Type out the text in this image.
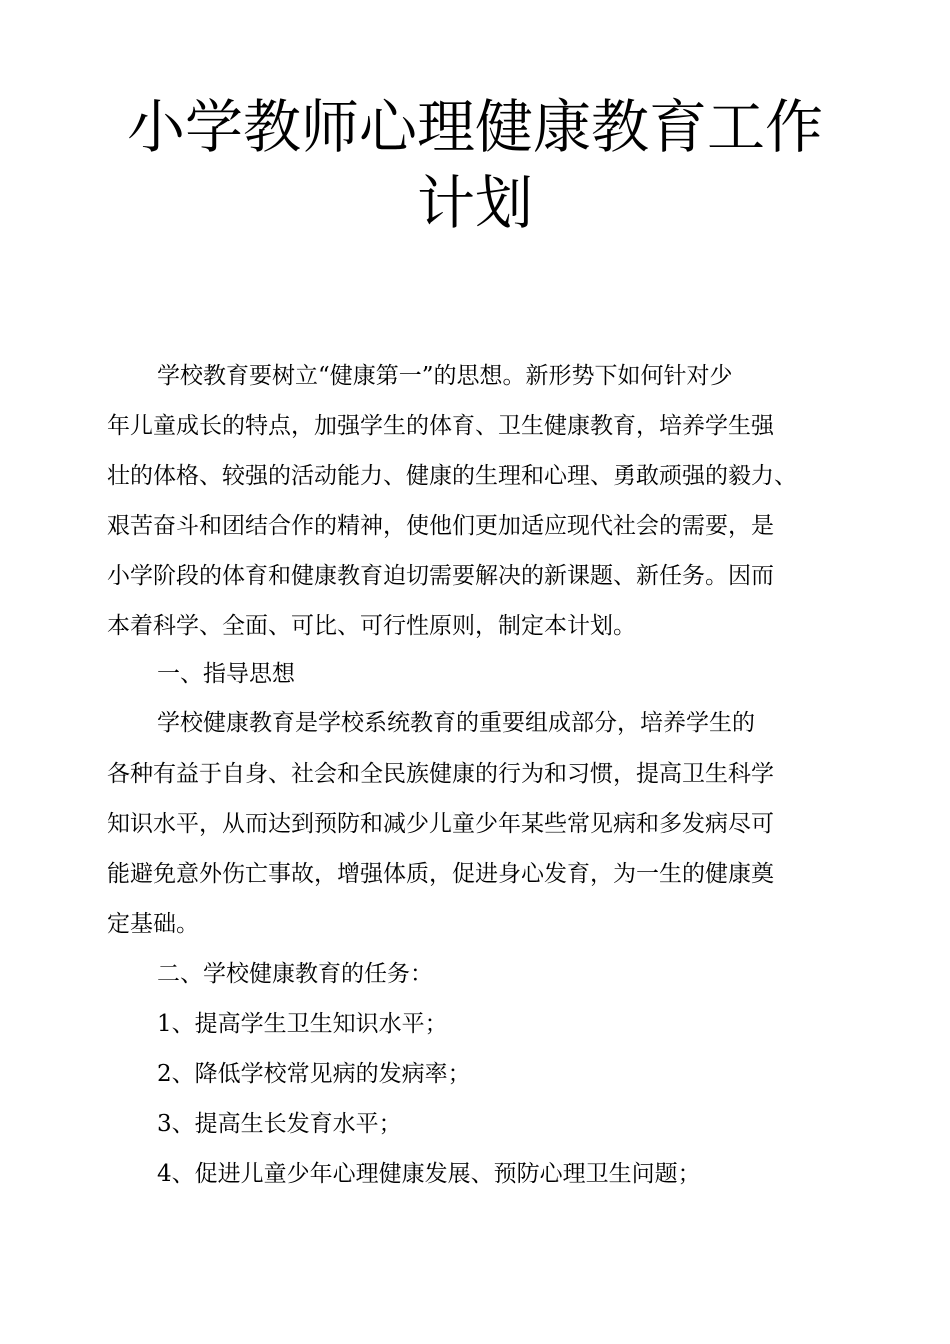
小学教师心理健康教育工作
计划
学校教育要树立“健康第一”的思想。新形势下如何针对少
年儿童成长的特点，加强学生的体育、卫生健康教育，培养学生强
壮的体格、较强的活动能力、健康的生理和心理、勇敢顽强的毅力、
艰苦奋斗和团结合作的精神，使他们更加适应现代社会的需要，是
小学阶段的体育和健康教育迫切需要解决的新课题、新任务。因而
本着科学、全面、可比、可行性原则，制定本计划。
一、指导思想
学校健康教育是学校系统教育的重要组成部分，培养学生的
各种有益于自身、社会和全民族健康的行为和习惯，提高卫生科学
知识水平，从而达到预防和减少儿童少年某些常见病和多发病尽可
能避免意外伤亡事故，增强体质，促进身心发育，为一生的健康奠
定基础。
二、学校健康教育的任务：
1、提高学生卫生知识水平；
2、降低学校常见病的发病率；
3、提高生长发育水平；
4、促进儿童少年心理健康发展、预防心理卫生问题；
